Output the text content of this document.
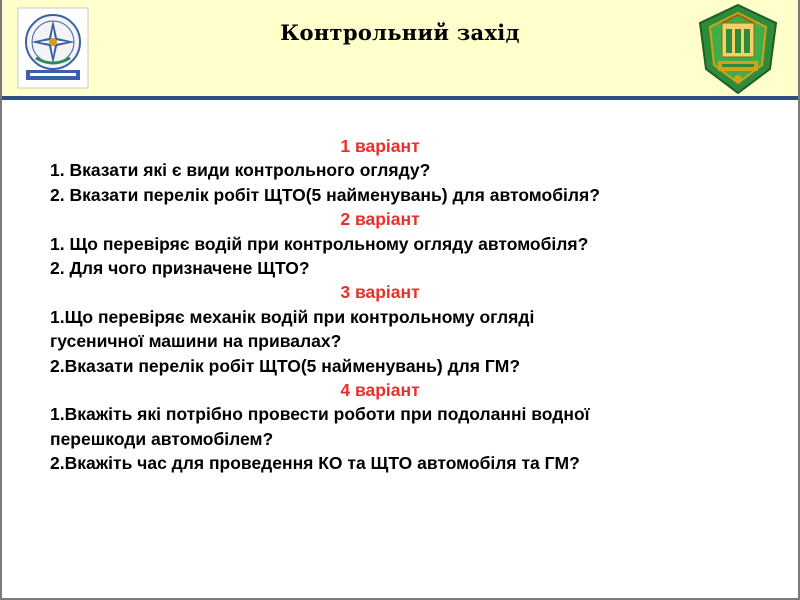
Контрольний захід
1 варіант
1. Вказати які є види контрольного огляду?
2. Вказати перелік робіт ЩТО(5 найменувань) для автомобіля?
2 варіант
1. Що перевіряє водій при контрольному огляду автомобіля?
2. Для чого призначене ЩТО?
3 варіант
1.Що перевіряє механік водій при контрольному огляді
гусеничної машини на привалах?
2.Вказати перелік робіт ЩТО(5 найменувань) для ГМ?
4 варіант
1.Вкажіть які потрібно провести роботи при подоланні водної
перешкоди автомобілем?
2.Вкажіть час для проведення КО та ЩТО автомобіля та ГМ?
